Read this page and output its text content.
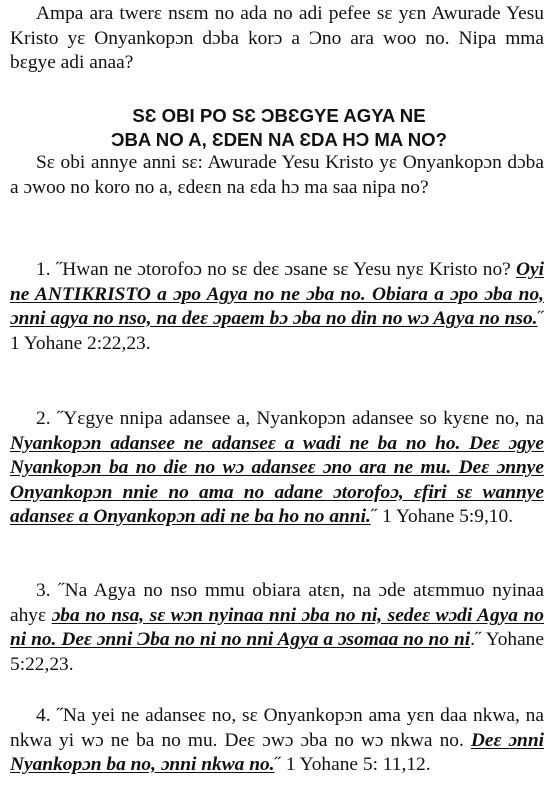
Ampa ara twerɛ nsɛm no ada no adi pefee sɛ yɛn Awurade Yesu Kristo yɛ Onyankopɔn dɔba korɔ a Ɔno ara woo no. Nipa mma bɛgye adi anaa?

SƐ OBI PO SƐ ƆBƐGYE AGYA NE
ƆBA NO A, ƐDEN NA ƐDA HƆ MA NO?

Sɛ obi annye anni sɛ: Awurade Yesu Kristo yɛ Onyankopɔn dɔba a ɔwoo no koro no a, ɛdeɛn na ɛda hɔ ma saa nipa no?

1. ˝Hwan ne ɔtorofoɔ no sɛ deɛ ɔsane sɛ Yesu nyɛ Kristo no? Oyi ne ANTIKRISTO a ɔpo Agya no ne ɔba no. Obiara a ɔpo ɔba no, ɔnni agya no nso, na deɛ ɔpaem bɔ ɔba no din no wɔ Agya no nso.˝ 1 Yohane 2:22,23.

2. ˝Yɛgye nnipa adansee a, Nyankopɔn adansee so kyɛne no, na Nyankopɔn adansee ne adanseɛ a wadi ne ba no ho. Deɛ ɔgye Nyankopɔn ba no die no wɔ adanseɛ ɔno ara ne mu. Deɛ ɔnnye Onyankopɔn nnie no ama no adane ɔtorofoɔ, ɛfiri sɛ wannye adanseɛ a Onyankopɔn adi ne ba ho no anni.˝ 1 Yohane 5:9,10.

3. ˝Na Agya no nso mmu obiara atɛn, na ɔde atɛmmuo nyinaa ahyɛ ɔba no nsa, sɛ wɔn nyinaa nni ɔba no ni, sedeɛ wɔdi Agya no ni no. Deɛ ɔnni Ɔba no ni no nni Agya a ɔsomaa no no ni.˝ Yohane 5:22,23.

4. ˝Na yei ne adanseɛ no, sɛ Onyankopɔn ama yɛn daa nkwa, na nkwa yi wɔ ne ba no mu. Deɛ ɔwɔ ɔba no wɔ nkwa no. Deɛ ɔnni Nyankopɔn ba no, ɔnni nkwa no.˝ 1 Yohane 5: 11,12.
